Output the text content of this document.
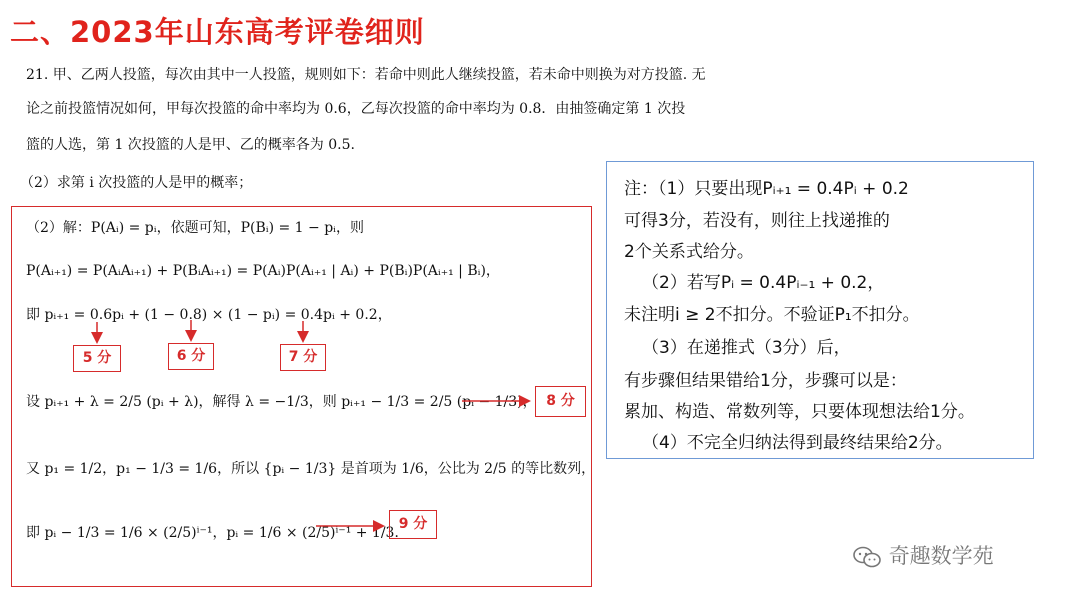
二、2023年山东高考评卷细则
21. 甲、乙两人投篮，每次由其中一人投篮，规则如下：若命中则此人继续投篮，若未命中则换为对方投篮. 无
论之前投篮情况如何，甲每次投篮的命中率均为 0.6，乙每次投篮的命中率均为 0.8．由抽签确定第 1 次投
篮的人选，第 1 次投篮的人是甲、乙的概率各为 0.5.
（2）求第 i 次投篮的人是甲的概率；
（2）解：P(Aᵢ) = pᵢ，依题可知，P(Bᵢ) = 1 − pᵢ，则
P(Aᵢ₊₁) = P(AᵢAᵢ₊₁) + P(BᵢAᵢ₊₁) = P(Aᵢ)P(Aᵢ₊₁ | Aᵢ) + P(Bᵢ)P(Aᵢ₊₁ | Bᵢ)，
即 pᵢ₊₁ = 0.6pᵢ + (1 − 0.8) × (1 − pᵢ) = 0.4pᵢ + 0.2，
设 pᵢ₊₁ + λ = 2/5 (pᵢ + λ)，解得 λ = −1/3，则 pᵢ₊₁ − 1/3 = 2/5 (pᵢ − 1/3)，
又 p₁ = 1/2，p₁ − 1/3 = 1/6，所以 {pᵢ − 1/3} 是首项为 1/6，公比为 2/5 的等比数列，
即 pᵢ − 1/3 = 1/6 × (2/5)ⁱ⁻¹，pᵢ = 1/6 × (2/5)ⁱ⁻¹ + 1/3．
5 分	6 分	7 分
8 分
9 分
注：（1）只要出现Pᵢ₊₁ = 0.4Pᵢ + 0.2
可得3分，若没有，则往上找递推的
2个关系式给分。
（2）若写Pᵢ = 0.4Pᵢ₋₁ + 0.2，
未注明i ≥ 2不扣分。不验证P₁不扣分。
（3）在递推式（3分）后，
有步骤但结果错给1分，步骤可以是：
累加、构造、常数列等，只要体现想法给1分。
（4）不完全归纳法得到最终结果给2分。
奇趣数学苑
